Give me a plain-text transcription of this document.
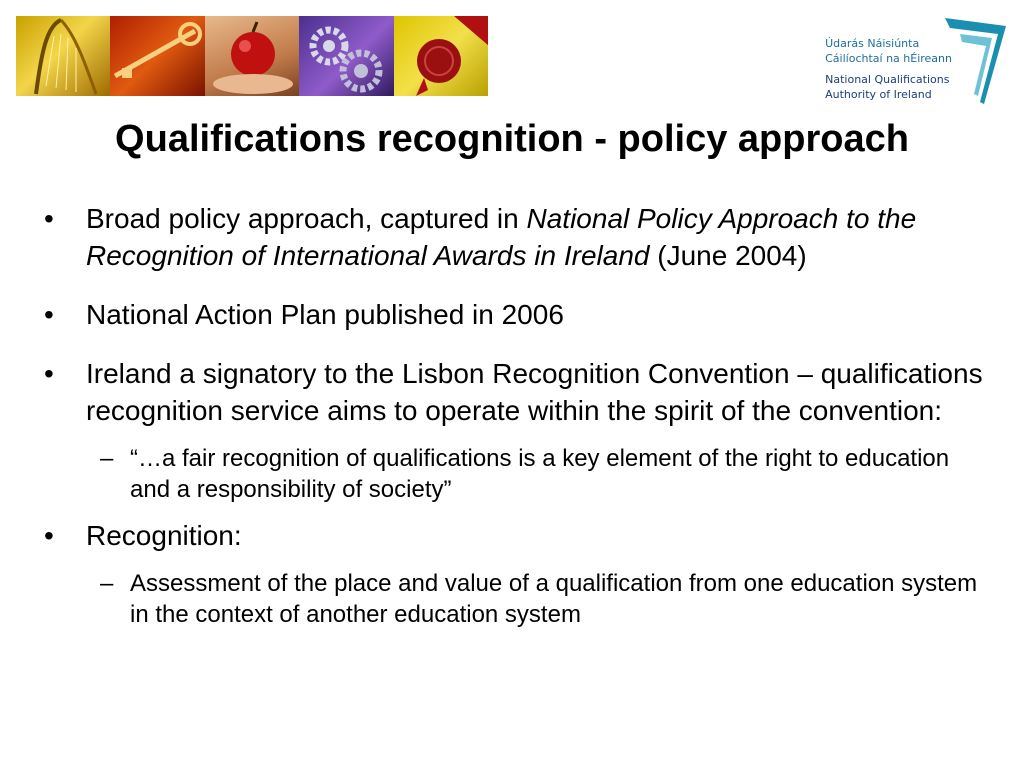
Údarás Náisiúnta
Cáilíochtaí na hÉireann
National Qualifications
Authority of Ireland
Qualifications recognition - policy approach
•	Broad policy approach, captured in National Policy Approach to the Recognition of International Awards in Ireland (June 2004)
•	National Action Plan published in 2006
•	Ireland a signatory to the Lisbon Recognition Convention – qualifications recognition service aims to operate within the spirit of the convention:
– “…a fair recognition of qualifications is a key element of the right to education and a responsibility of society”
•	Recognition:
– Assessment of the place and value of a qualification from one education system in the context of another education system
